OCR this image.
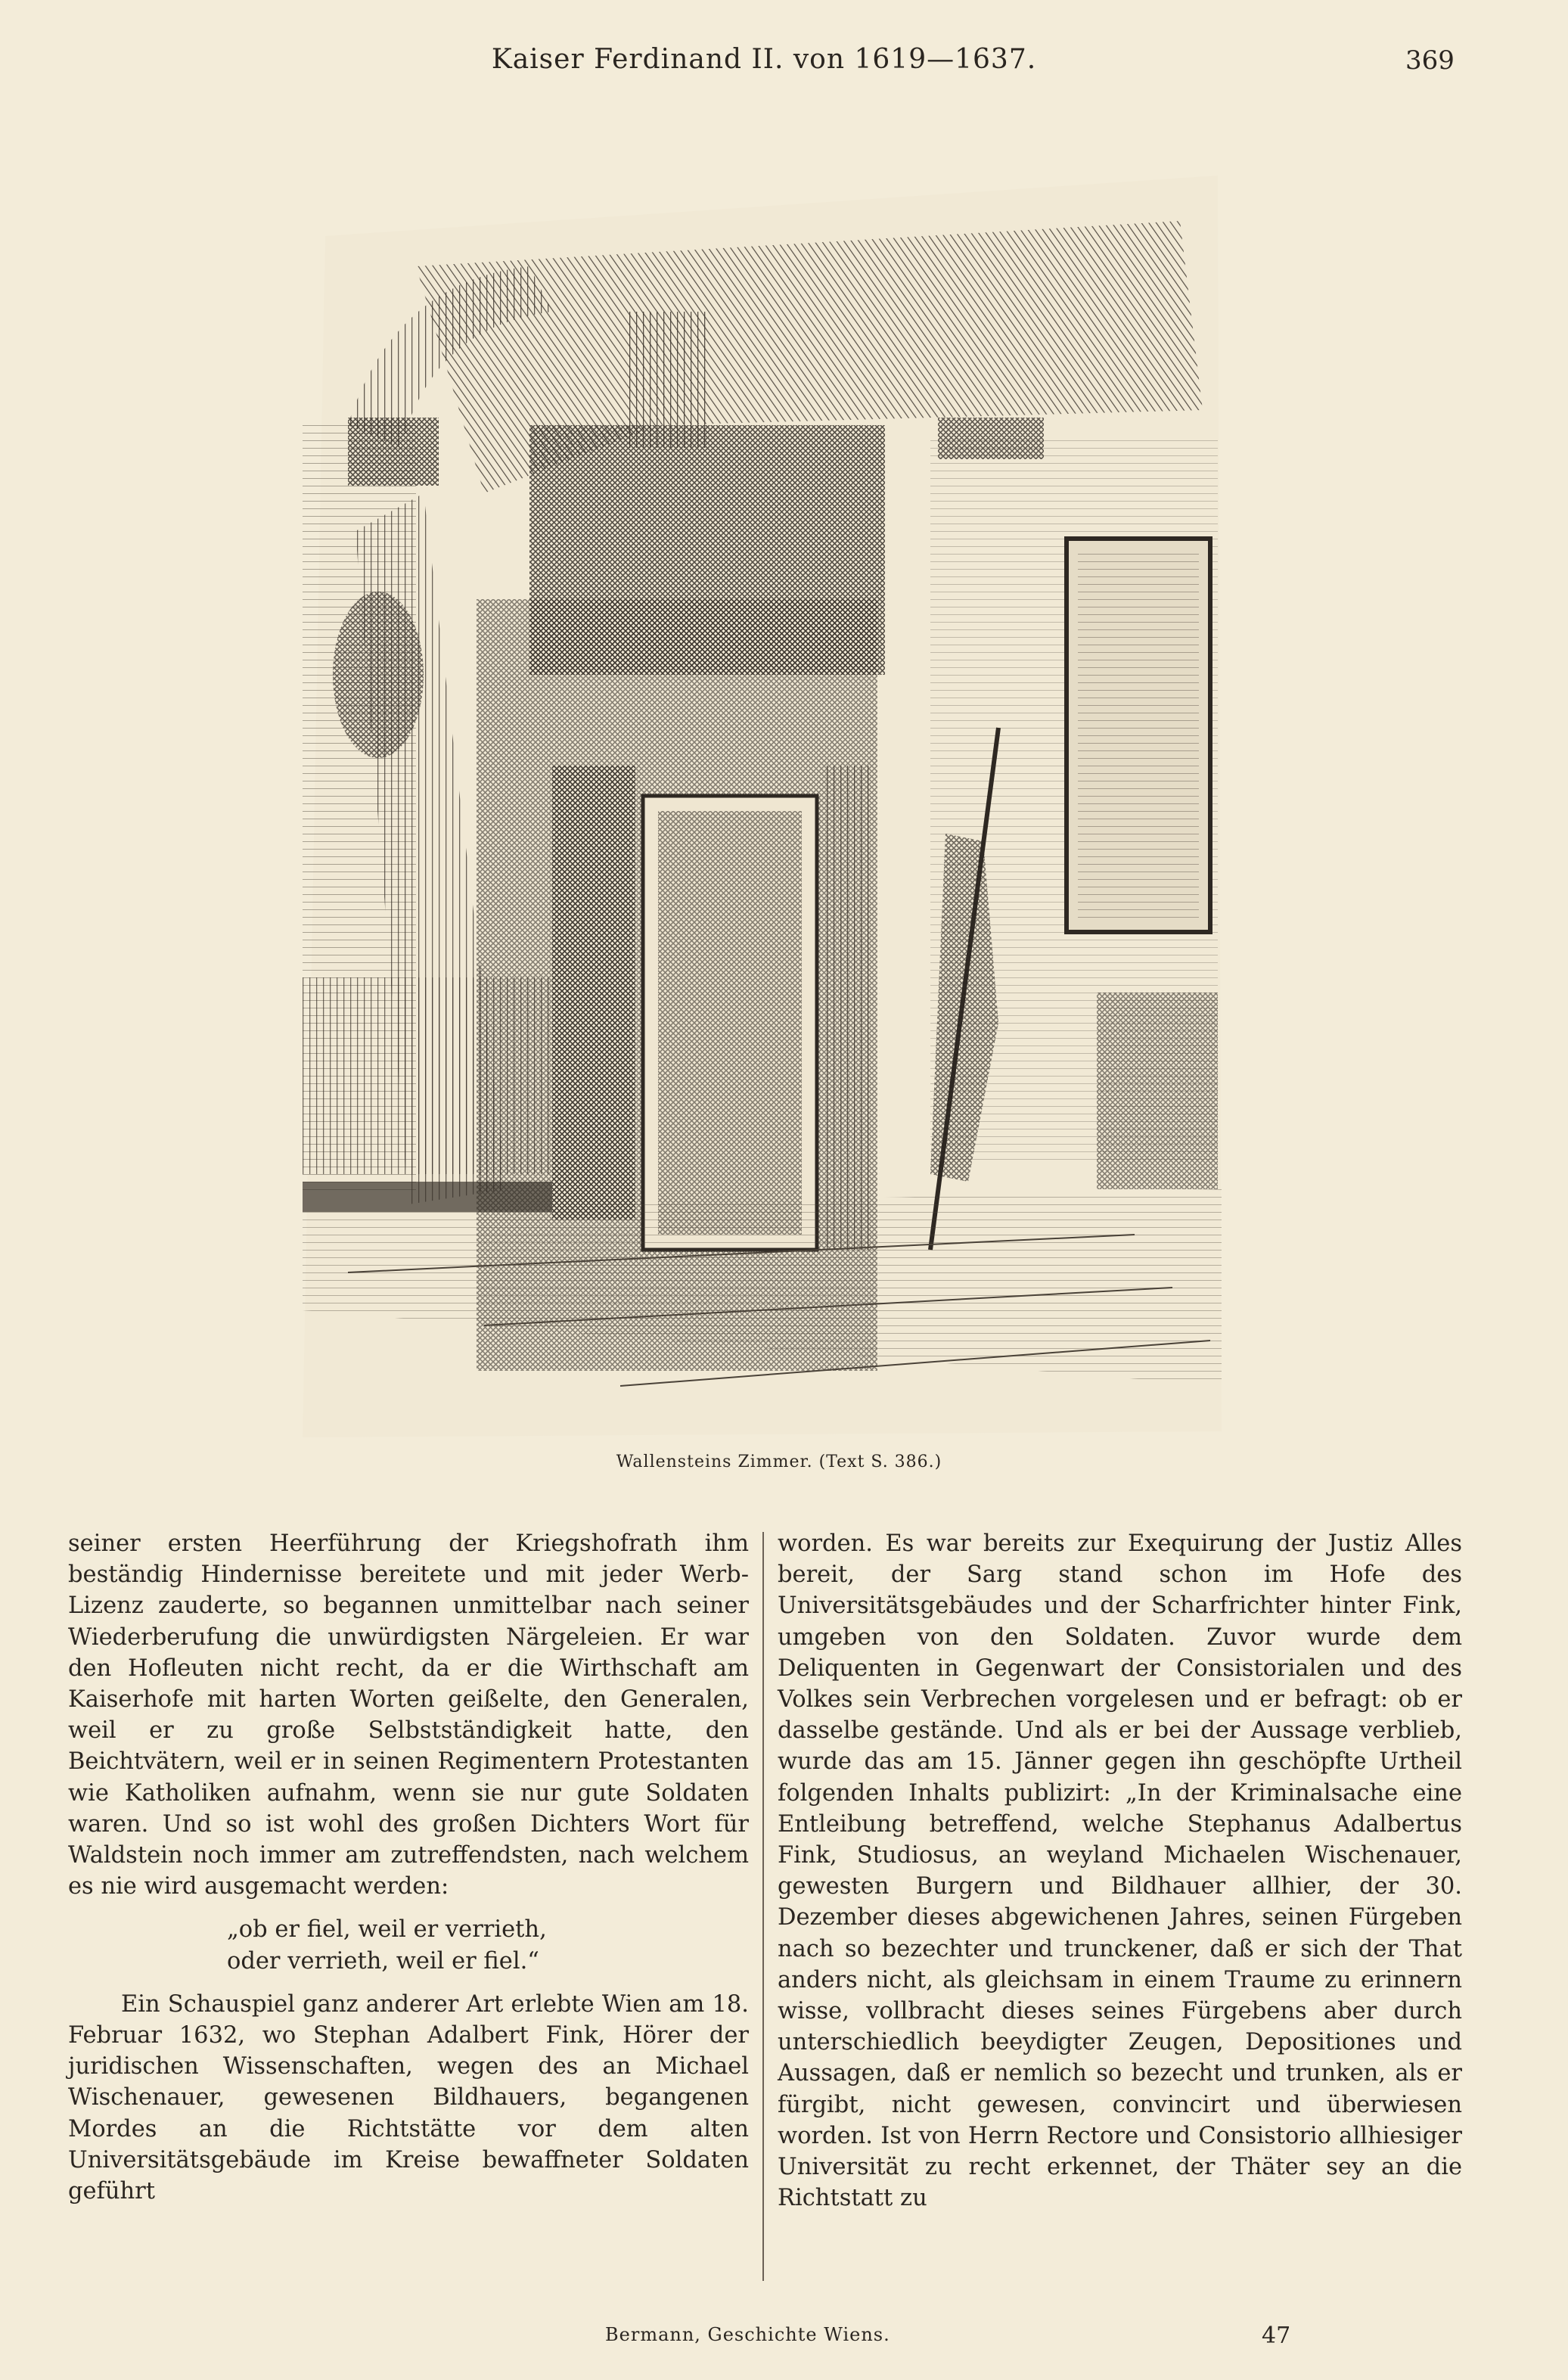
Kaiser Ferdinand II. von 1619—1637.	369
Wallensteins Zimmer. (Text S. 386.)

seiner ersten Heerführung der Kriegshofrath ihm beständig Hindernisse bereitete und mit jeder Werb-Lizenz zauderte, so begannen unmittelbar nach seiner Wiederberufung die unwürdigsten Närgeleien. Er war den Hofleuten nicht recht, da er die Wirthschaft am Kaiserhofe mit harten Worten geißelte, den Generalen, weil er zu große Selbstständigkeit hatte, den Beichtvätern, weil er in seinen Regimentern Protestanten wie Katholiken aufnahm, wenn sie nur gute Soldaten waren. Und so ist wohl des großen Dichters Wort für Waldstein noch immer am zutreffendsten, nach welchem es nie wird ausgemacht werden:

„ob er fiel, weil er verrieth,
oder verrieth, weil er fiel.“

Ein Schauspiel ganz anderer Art erlebte Wien am 18. Februar 1632, wo Stephan Adalbert Fink, Hörer der juridischen Wissenschaften, wegen des an Michael Wischenauer, gewesenen Bildhauers, begangenen Mordes an die Richtstätte vor dem alten Universitätsgebäude im Kreise bewaffneter Soldaten geführt

worden. Es war bereits zur Exequirung der Justiz Alles bereit, der Sarg stand schon im Hofe des Universitätsgebäudes und der Scharfrichter hinter Fink, umgeben von den Soldaten. Zuvor wurde dem Deliquenten in Gegenwart der Consistorialen und des Volkes sein Verbrechen vorgelesen und er befragt: ob er dasselbe gestände. Und als er bei der Aussage verblieb, wurde das am 15. Jänner gegen ihn geschöpfte Urtheil folgenden Inhalts publizirt: „In der Kriminalsache eine Entleibung betreffend, welche Stephanus Adalbertus Fink, Studiosus, an weyland Michaelen Wischenauer, gewesten Burgern und Bildhauer allhier, der 30. Dezember dieses abgewichenen Jahres, seinen Fürgeben nach so bezechter und trunckener, daß er sich der That anders nicht, als gleichsam in einem Traume zu erinnern wisse, vollbracht dieses seines Fürgebens aber durch unterschiedlich beeydigter Zeugen, Depositiones und Aussagen, daß er nemlich so bezecht und trunken, als er fürgibt, nicht gewesen, convincirt und überwiesen worden. Ist von Herrn Rectore und Consistorio allhiesiger Universität zu recht erkennet, der Thäter sey an die Richtstatt zu

Bermann, Geschichte Wiens.	47
